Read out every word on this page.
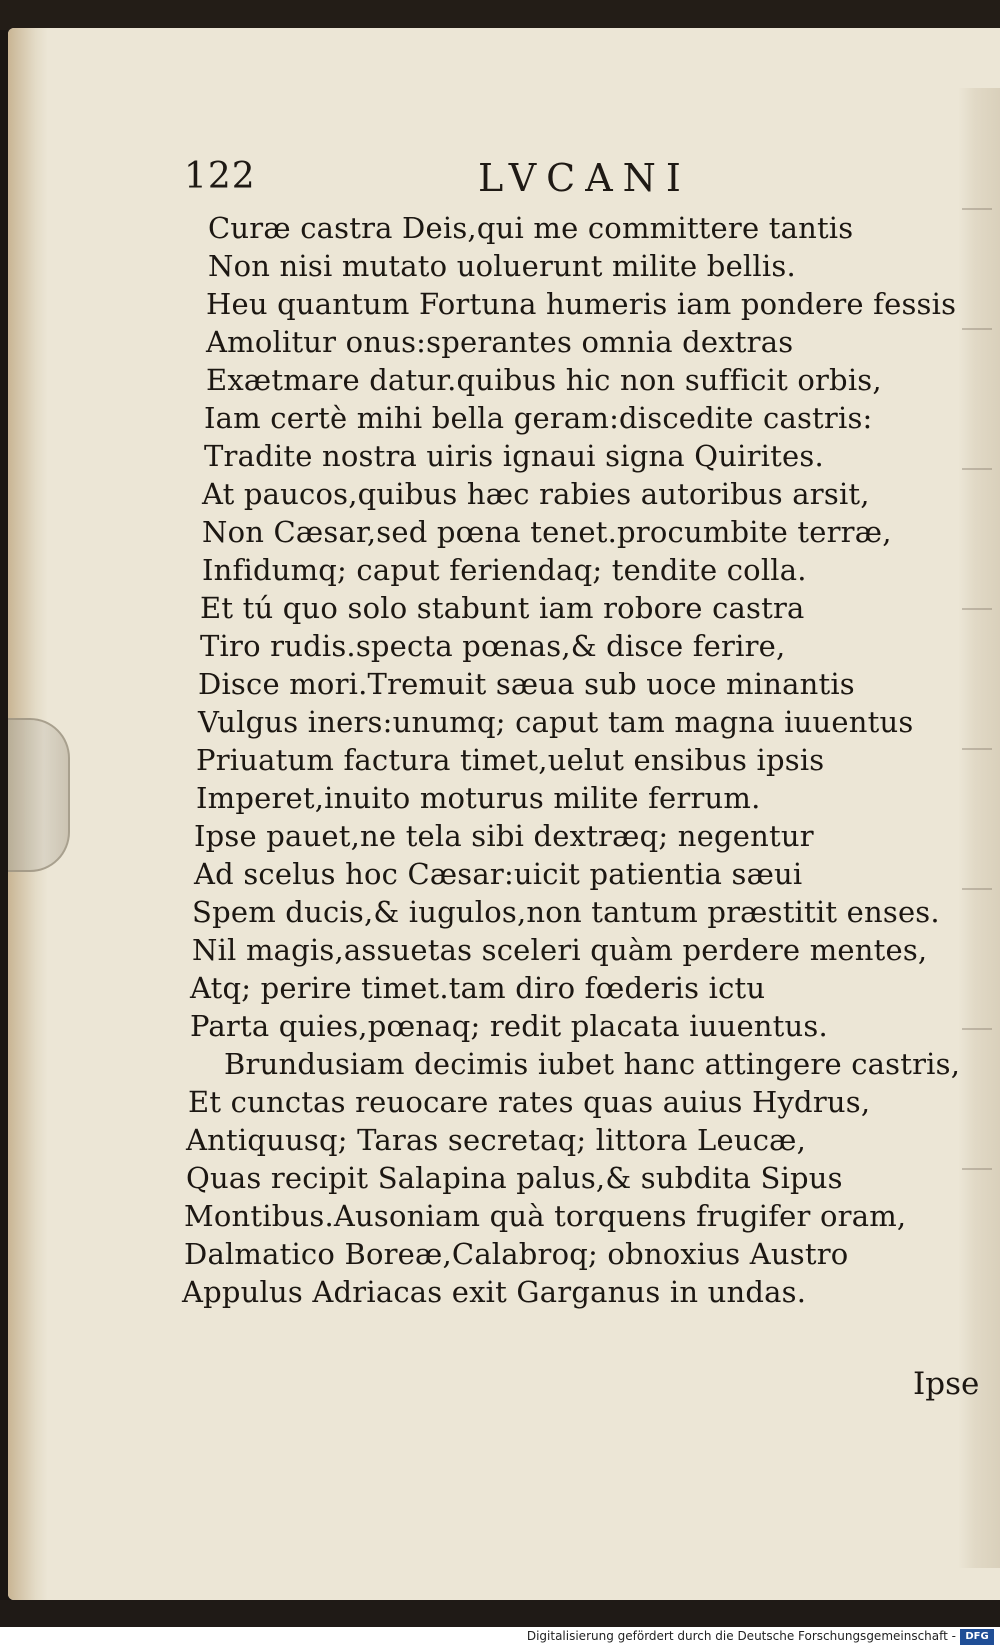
122	LVCANI
Curæ castra Deis,qui me committere tantis
Non nisi mutato uoluerunt milite bellis.
Heu quantum Fortuna humeris iam pondere fessis
Amolitur onus:sperantes omnia dextras
Exætmare datur.quibus hic non sufficit orbis,
Iam certè mihi bella geram:discedite castris:
Tradite nostra uiris ignaui signa Quirites.
At paucos,quibus hæc rabies autoribus arsit,
Non Cæsar,sed pœna tenet.procumbite terræ,
Infidumq; caput feriendaq; tendite colla.
Et tú quo solo stabunt iam robore castra
Tiro rudis.specta pœnas,& disce ferire,
Disce mori.Tremuit sæua sub uoce minantis
Vulgus iners:unumq; caput tam magna iuuentus
Priuatum factura timet,uelut ensibus ipsis
Imperet,inuito moturus milite ferrum.
Ipse pauet,ne tela sibi dextræq; negentur
Ad scelus hoc Cæsar:uicit patientia sæui
Spem ducis,& iugulos,non tantum præstitit enses.
Nil magis,assuetas sceleri quàm perdere mentes,
Atq; perire timet.tam diro fœderis ictu
Parta quies,pœnaq; redit placata iuuentus.
Brundusiam decimis iubet hanc attingere castris,
Et cunctas reuocare rates quas auius Hydrus,
Antiquusq; Taras secretaq; littora Leucæ,
Quas recipit Salapina palus,& subdita Sipus
Montibus.Ausoniam quà torquens frugifer oram,
Dalmatico Boreæ,Calabroq; obnoxius Austro
Appulus Adriacas exit Garganus in undas.
Ipse
Digitalisierung gefördert durch die Deutsche Forschungsgemeinschaft - DFG
